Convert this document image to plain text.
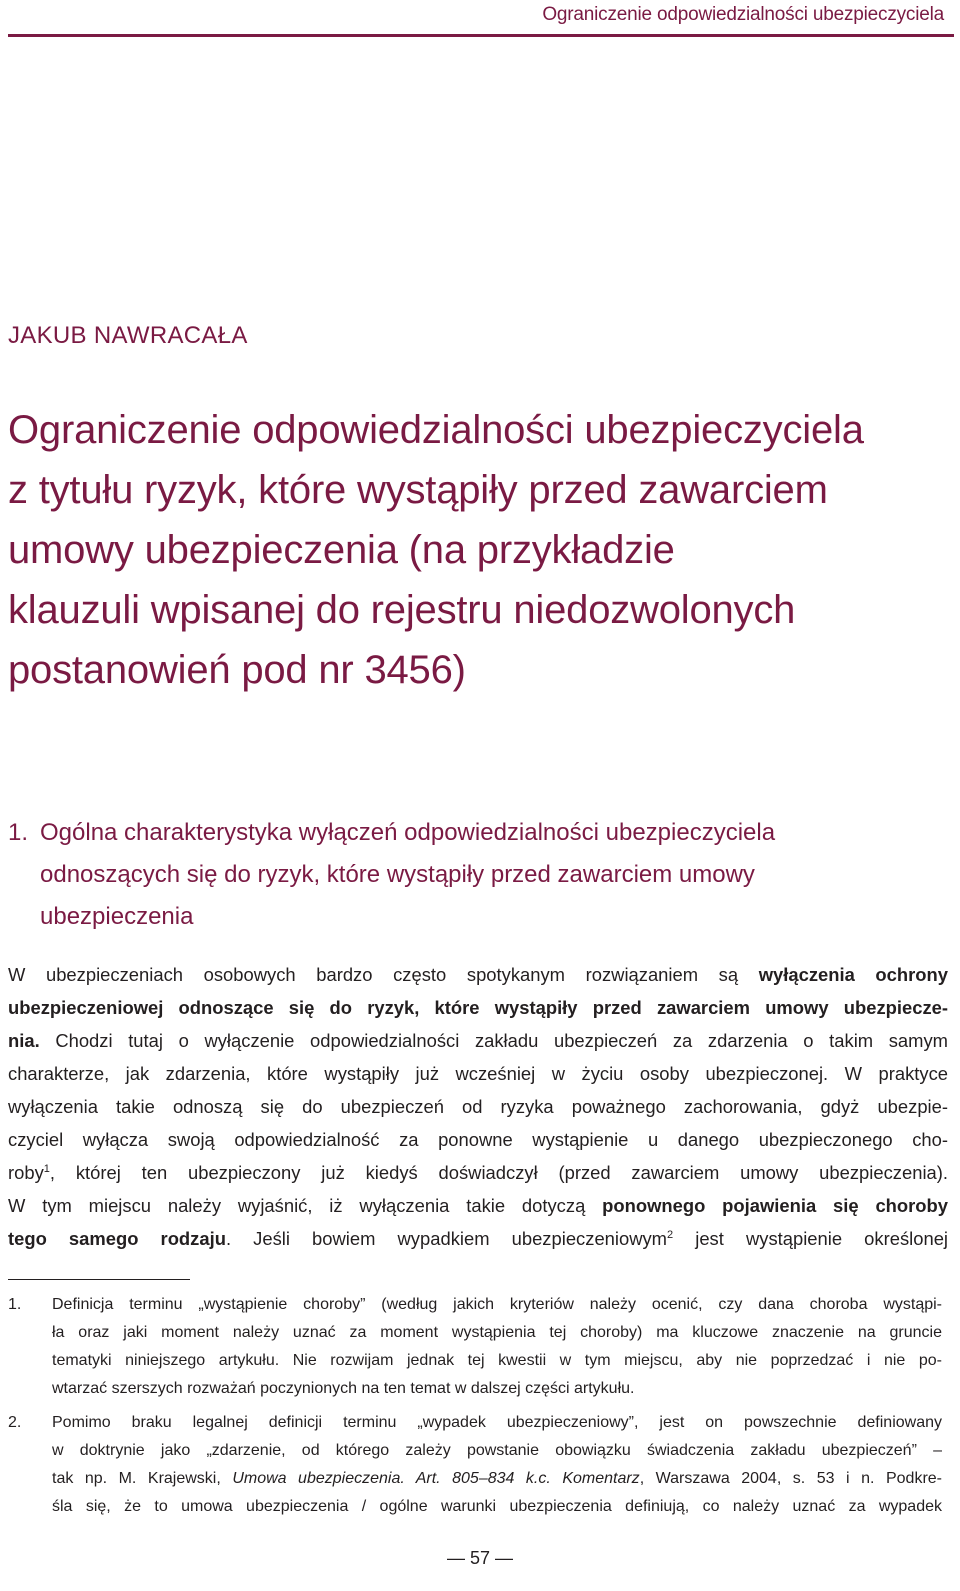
Ograniczenie odpowiedzialności ubezpieczyciela
JAKUB NAWRACAŁA
Ograniczenie odpowiedzialności ubezpieczyciela
z tytułu ryzyk, które wystąpiły przed zawarciem
umowy ubezpieczenia (na przykładzie
klauzuli wpisanej do rejestru niedozwolonych
postanowień pod nr 3456)
1. Ogólna charakterystyka wyłączeń odpowiedzialności ubezpieczyciela
odnoszących się do ryzyk, które wystąpiły przed zawarciem umowy
ubezpieczenia
W ubezpieczeniach osobowych bardzo często spotykanym rozwiązaniem są wyłączenia ochrony
ubezpieczeniowej odnoszące się do ryzyk, które wystąpiły przed zawarciem umowy ubezpiecze-
nia. Chodzi tutaj o wyłączenie odpowiedzialności zakładu ubezpieczeń za zdarzenia o takim samym
charakterze, jak zdarzenia, które wystąpiły już wcześniej w życiu osoby ubezpieczonej. W praktyce
wyłączenia takie odnoszą się do ubezpieczeń od ryzyka poważnego zachorowania, gdyż ubezpie-
czyciel wyłącza swoją odpowiedzialność za ponowne wystąpienie u danego ubezpieczonego cho-
roby$^1$, której ten ubezpieczony już kiedyś doświadczył (przed zawarciem umowy ubezpieczenia).
W tym miejscu należy wyjaśnić, iż wyłączenia takie dotyczą ponownego pojawienia się choroby
tego samego rodzaju. Jeśli bowiem wypadkiem ubezpieczeniowym$^2$ jest wystąpienie określonej
1. Definicja terminu „wystąpienie choroby” (według jakich kryteriów należy ocenić, czy dana choroba wystąpi-
ła oraz jaki moment należy uznać za moment wystąpienia tej choroby) ma kluczowe znaczenie na gruncie
tematyki niniejszego artykułu. Nie rozwijam jednak tej kwestii w tym miejscu, aby nie poprzedzać i nie po-
wtarzać szerszych rozważań poczynionych na ten temat w dalszej części artykułu.
2. Pomimo braku legalnej definicji terminu „wypadek ubezpieczeniowy”, jest on powszechnie definiowany
w doktrynie jako „zdarzenie, od którego zależy powstanie obowiązku świadczenia zakładu ubezpieczeń” –
tak np. M. Krajewski, Umowa ubezpieczenia. Art. 805–834 k.c. Komentarz, Warszawa 2004, s. 53 i n. Podkre-
śla się, że to umowa ubezpieczenia / ogólne warunki ubezpieczenia definiują, co należy uznać za wypadek
— 57 —
